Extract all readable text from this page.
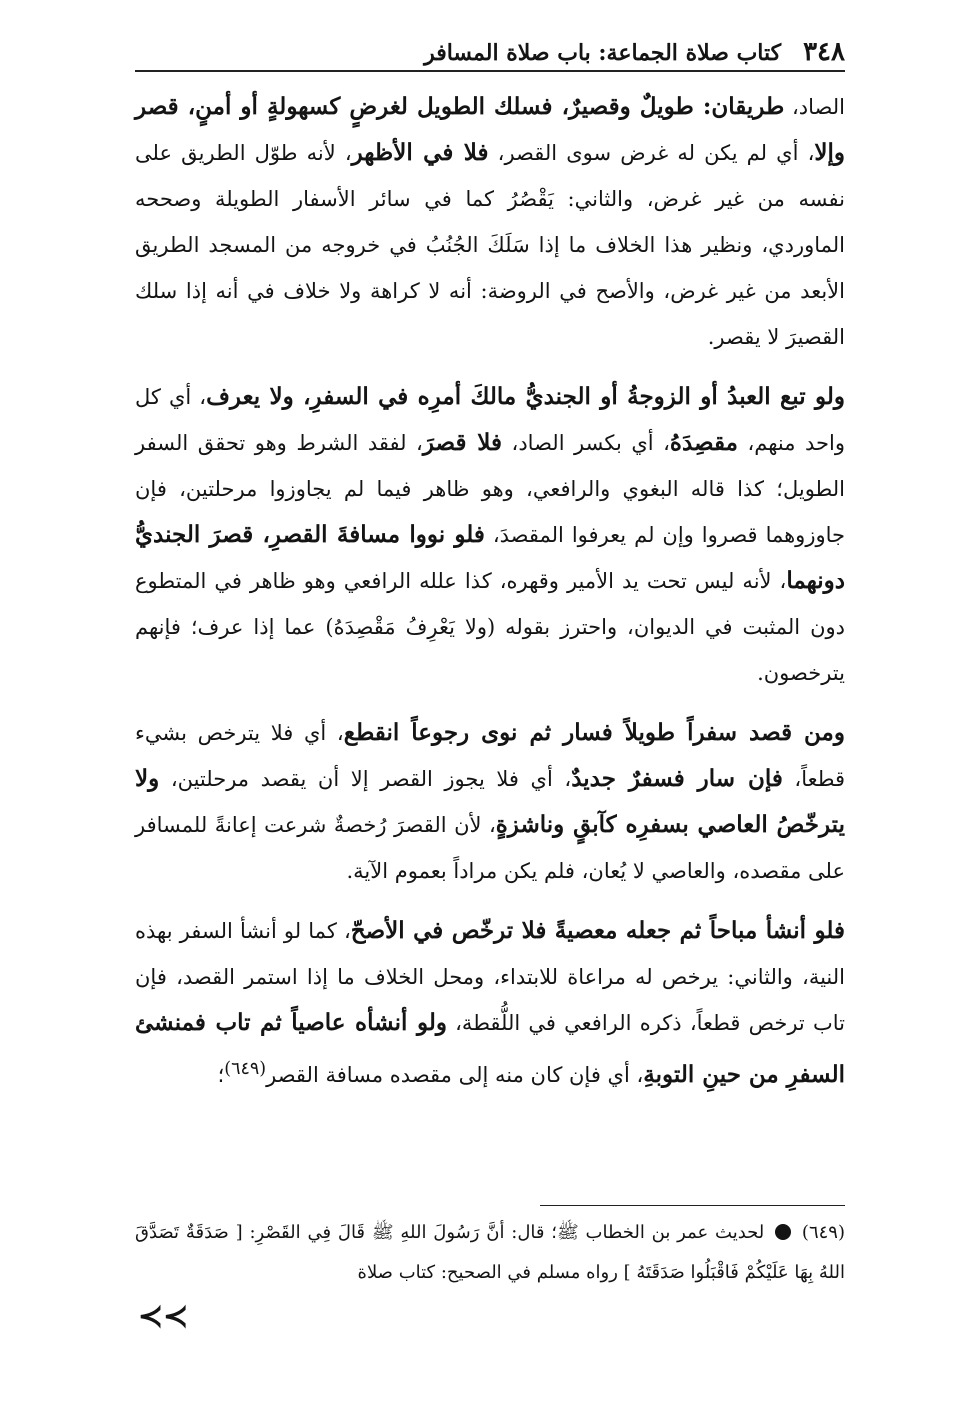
٣٤٨
كتاب صلاة الجماعة: باب صلاة المسافر

الصاد، طريقان: طويلٌ وقصيرٌ، فسلك الطويل لغرضٍ كسهولةٍ أو أمنٍ، قصر وإلا، أي لم يكن له غرض سوى القصر، فلا في الأظهر، لأنه طوّل الطريق على نفسه من غير غرض، والثاني: يَقْصُرُ كما في سائر الأسفار الطويلة وصححه الماوردي، ونظير هذا الخلاف ما إذا سَلَكَ الجُنُبُ في خروجه من المسجد الطريق الأبعد من غير غرض، والأصح في الروضة: أنه لا كراهة ولا خلاف في أنه إذا سلك القصيرَ لا يقصر.

ولو تبع العبدُ أو الزوجةُ أو الجنديُّ مالكَ أمرِه في السفرِ، ولا يعرف، أي كل واحد منهم، مقصِدَهُ، أي بكسر الصاد، فلا قصرَ، لفقد الشرط وهو تحقق السفر الطويل؛ كذا قاله البغوي والرافعي، وهو ظاهر فيما لم يجاوزوا مرحلتين، فإن جاوزوهما قصروا وإن لم يعرفوا المقصدَ، فلو نووا مسافةَ القصرِ، قصرَ الجنديُّ دونهما، لأنه ليس تحت يد الأمير وقهره، كذا علله الرافعي وهو ظاهر في المتطوع دون المثبت في الديوان، واحترز بقوله (ولا يَعْرِفُ مَقْصِدَهُ) عما إذا عرف؛ فإنهم يترخصون.

ومن قصد سفراً طويلاً فسار ثم نوى رجوعاً انقطع، أي فلا يترخص بشيء قطعاً، فإن سار فسفرٌ جديدٌ، أي فلا يجوز القصر إلا أن يقصد مرحلتين، ولا يترخّصُ العاصي بسفرِه كآبقٍ وناشزةٍ، لأن القصرَ رُخصةٌ شرعت إعانةً للمسافر على مقصده، والعاصي لا يُعان، فلم يكن مراداً بعموم الآية.

فلو أنشأ مباحاً ثم جعله معصيةً فلا ترخّص في الأصحّ، كما لو أنشأ السفر بهذه النية، والثاني: يرخص له مراعاة للابتداء، ومحل الخلاف ما إذا استمر القصد، فإن تاب ترخص قطعاً، ذكره الرافعي في اللُّقطة، ولو أنشأه عاصياً ثم تاب فمنشئ السفرِ من حينِ التوبةِ، أي فإن كان منه إلى مقصده مسافة القصر$^{(٦٤٩)}$؛

(٦٤٩)  لحديث عمر بن الخطاب ﷺ؛ قال: أنَّ رَسُولَ اللهِ ﷺ قَالَ فِي القَصْرِ: [ صَدَقَةٌ تَصَدَّقَ اللهُ بِهَا عَلَيْكُمْ فَاقْبَلُوا صَدَقَتَهُ ] رواه مسلم في الصحيح: كتاب صلاة

≺≺
